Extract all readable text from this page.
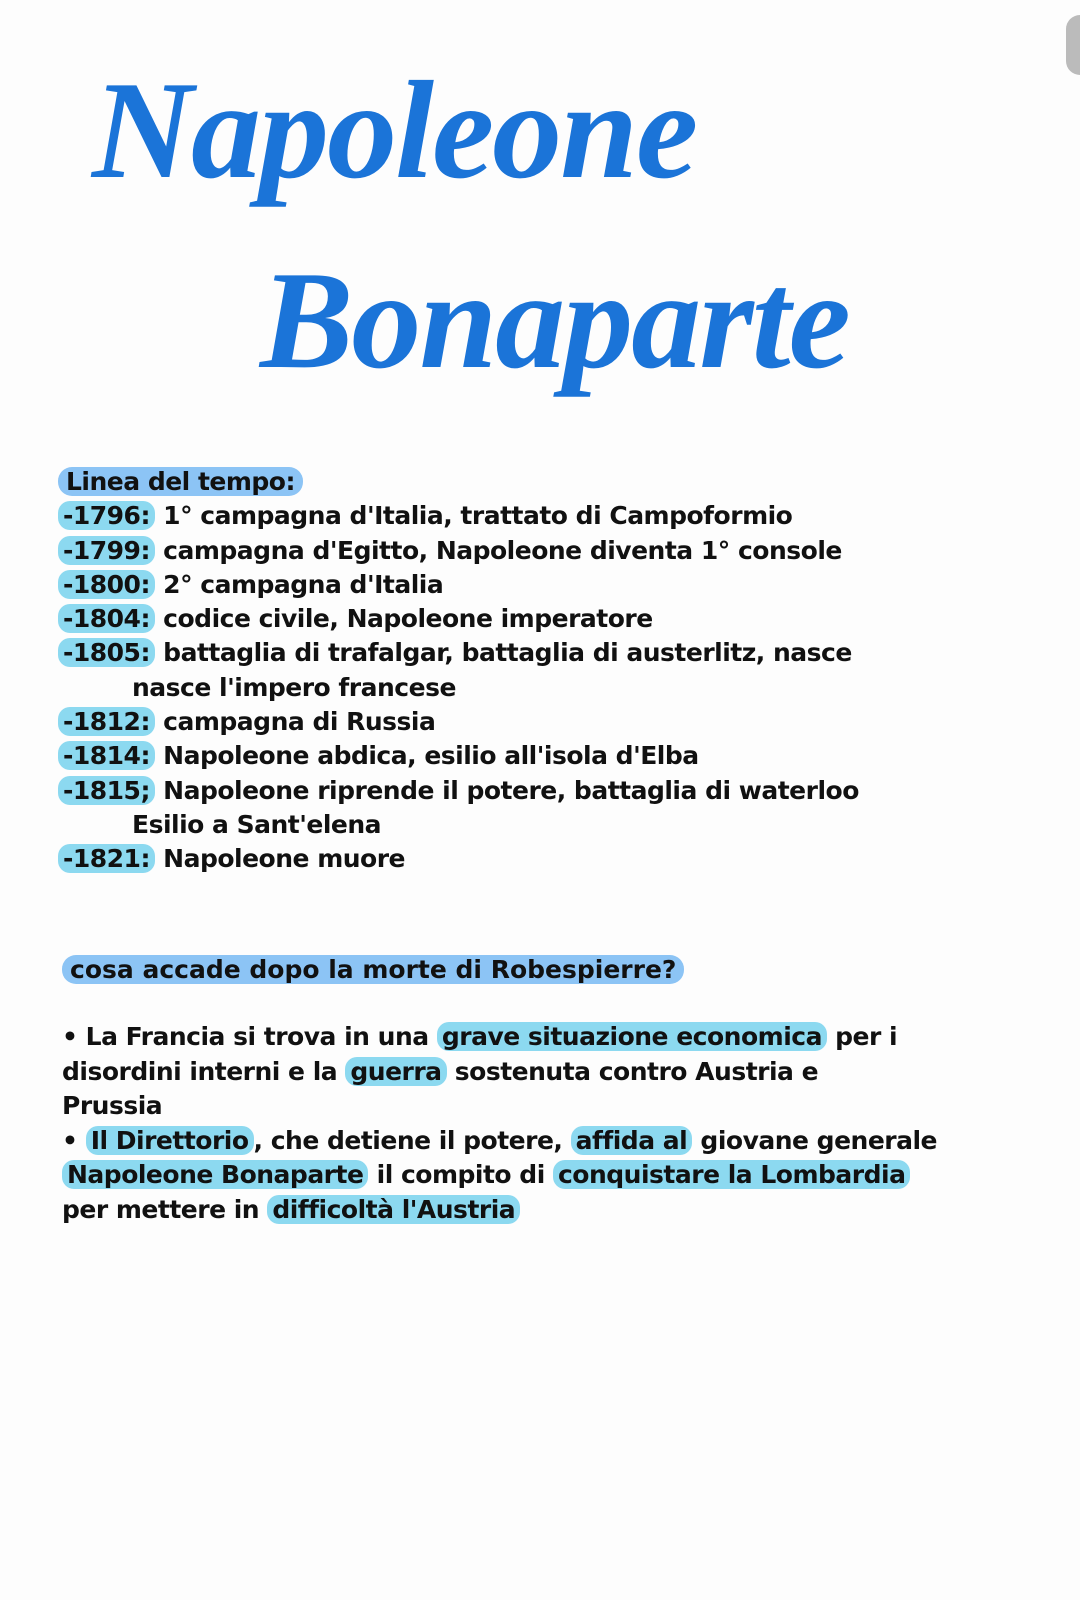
Napoleone
Bonaparte
Linea del tempo:
-1796: 1° campagna d'Italia, trattato di Campoformio
-1799: campagna d'Egitto, Napoleone diventa 1° console
-1800: 2° campagna d'Italia
-1804: codice civile, Napoleone imperatore
-1805: battaglia di trafalgar, battaglia di austerlitz, nasce
nasce l'impero francese
-1812: campagna di Russia
-1814: Napoleone abdica, esilio all'isola d'Elba
-1815; Napoleone riprende il potere, battaglia di waterloo
Esilio a Sant'elena
-1821: Napoleone muore
cosa accade dopo la morte di Robespierre?
• La Francia si trova in una grave situazione economica per i
disordini interni e la guerra sostenuta contro Austria e
Prussia
• Il Direttorio , che detiene il potere, affida al giovane generale
Napoleone Bonaparte il compito di conquistare la Lombardia
per mettere in difficoltà l'Austria
